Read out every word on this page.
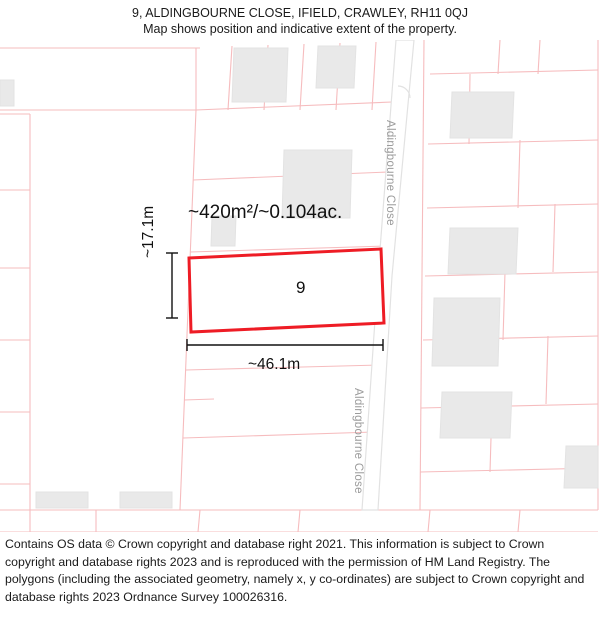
9, ALDINGBOURNE CLOSE, IFIELD, CRAWLEY, RH11 0QJ
Map shows position and indicative extent of the property.
~420m²/~0.104ac.
9
~46.1m
~17.1m
Aldingbourne Close
Aldingbourne Close
Contains OS data © Crown copyright and database right 2021. This information is subject to Crown copyright and database rights 2023 and is reproduced with the permission of HM Land Registry. The polygons (including the associated geometry, namely x, y co-ordinates) are subject to Crown copyright and database rights 2023 Ordnance Survey 100026316.
